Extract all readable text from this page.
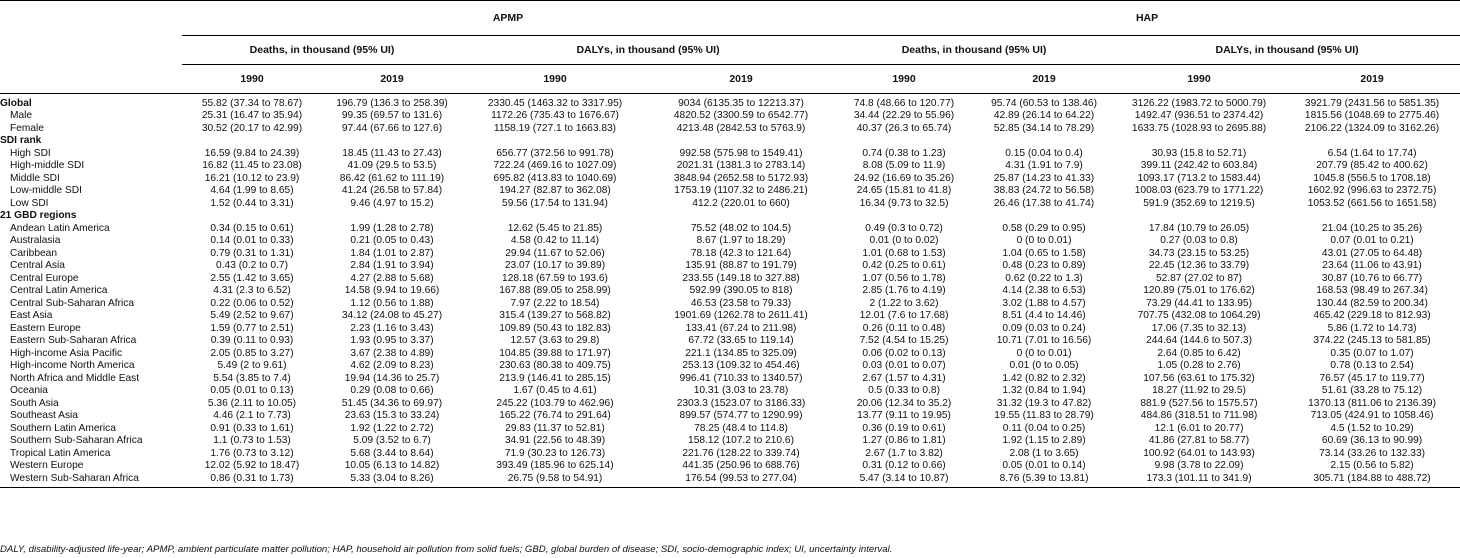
	APMP				HAP			
	Deaths, in thousand (95% UI)		DALYs, in thousand (95% UI)		Deaths, in thousand (95% UI)		DALYs, in thousand (95% UI)	
	1990	2019	1990	2019	1990	2019	1990	2019
Global	55.82 (37.34 to 78.67)	196.79 (136.3 to 258.39)	2330.45 (1463.32 to 3317.95)	9034 (6135.35 to 12213.37)	74.8 (48.66 to 120.77)	95.74 (60.53 to 138.46)	3126.22 (1983.72 to 5000.79)	3921.79 (2431.56 to 5851.35)
Male	25.31 (16.47 to 35.94)	99.35 (69.57 to 131.6)	1172.26 (735.43 to 1676.67)	4820.52 (3300.59 to 6542.77)	34.44 (22.29 to 55.96)	42.89 (26.14 to 64.22)	1492.47 (936.51 to 2374.42)	1815.56 (1048.69 to 2775.46)
Female	30.52 (20.17 to 42.99)	97.44 (67.66 to 127.6)	1158.19 (727.1 to 1663.83)	4213.48 (2842.53 to 5763.9)	40.37 (26.3 to 65.74)	52.85 (34.14 to 78.29)	1633.75 (1028.93 to 2695.88)	2106.22 (1324.09 to 3162.26)
SDI rank								
High SDI	16.59 (9.84 to 24.39)	18.45 (11.43 to 27.43)	656.77 (372.56 to 991.78)	992.58 (575.98 to 1549.41)	0.74 (0.38 to 1.23)	0.15 (0.04 to 0.4)	30.93 (15.8 to 52.71)	6.54 (1.64 to 17.74)
High-middle SDI	16.82 (11.45 to 23.08)	41.09 (29.5 to 53.5)	722.24 (469.16 to 1027.09)	2021.31 (1381.3 to 2783.14)	8.08 (5.09 to 11.9)	4.31 (1.91 to 7.9)	399.11 (242.42 to 603.84)	207.79 (85.42 to 400.62)
Middle SDI	16.21 (10.12 to 23.9)	86.42 (61.62 to 111.19)	695.82 (413.83 to 1040.69)	3848.94 (2652.58 to 5172.93)	24.92 (16.69 to 35.26)	25.87 (14.23 to 41.33)	1093.17 (713.2 to 1583.44)	1045.8 (556.5 to 1708.18)
Low-middle SDI	4.64 (1.99 to 8.65)	41.24 (26.58 to 57.84)	194.27 (82.87 to 362.08)	1753.19 (1107.32 to 2486.21)	24.65 (15.81 to 41.8)	38.83 (24.72 to 56.58)	1008.03 (623.79 to 1771.22)	1602.92 (996.63 to 2372.75)
Low SDI	1.52 (0.44 to 3.31)	9.46 (4.97 to 15.2)	59.56 (17.54 to 131.94)	412.2 (220.01 to 660)	16.34 (9.73 to 32.5)	26.46 (17.38 to 41.74)	591.9 (352.69 to 1219.5)	1053.52 (661.56 to 1651.58)
21 GBD regions								
Andean Latin America	0.34 (0.15 to 0.61)	1.99 (1.28 to 2.78)	12.62 (5.45 to 21.85)	75.52 (48.02 to 104.5)	0.49 (0.3 to 0.72)	0.58 (0.29 to 0.95)	17.84 (10.79 to 26.05)	21.04 (10.25 to 35.26)
Australasia	0.14 (0.01 to 0.33)	0.21 (0.05 to 0.43)	4.58 (0.42 to 11.14)	8.67 (1.97 to 18.29)	0.01 (0 to 0.02)	0 (0 to 0.01)	0.27 (0.03 to 0.8)	0.07 (0.01 to 0.21)
Caribbean	0.79 (0.31 to 1.31)	1.84 (1.01 to 2.87)	29.94 (11.67 to 52.06)	78.18 (42.3 to 121.64)	1.01 (0.68 to 1.53)	1.04 (0.65 to 1.58)	34.73 (23.15 to 53.25)	43.01 (27.05 to 64.48)
Central Asia	0.43 (0.2 to 0.7)	2.84 (1.91 to 3.94)	23.07 (10.17 to 39.89)	135.91 (88.87 to 191.79)	0.42 (0.25 to 0.61)	0.48 (0.23 to 0.89)	22.45 (12.36 to 33.79)	23.64 (11.06 to 43.91)
Central Europe	2.55 (1.42 to 3.65)	4.27 (2.88 to 5.68)	128.18 (67.59 to 193.6)	233.55 (149.18 to 327.88)	1.07 (0.56 to 1.78)	0.62 (0.22 to 1.3)	52.87 (27.02 to 87)	30.87 (10.76 to 66.77)
Central Latin America	4.31 (2.3 to 6.52)	14.58 (9.94 to 19.66)	167.88 (89.05 to 258.99)	592.99 (390.05 to 818)	2.85 (1.76 to 4.19)	4.14 (2.38 to 6.53)	120.89 (75.01 to 176.62)	168.53 (98.49 to 267.34)
Central Sub-Saharan Africa	0.22 (0.06 to 0.52)	1.12 (0.56 to 1.88)	7.97 (2.22 to 18.54)	46.53 (23.58 to 79.33)	2 (1.22 to 3.62)	3.02 (1.88 to 4.57)	73.29 (44.41 to 133.95)	130.44 (82.59 to 200.34)
East Asia	5.49 (2.52 to 9.67)	34.12 (24.08 to 45.27)	315.4 (139.27 to 568.82)	1901.69 (1262.78 to 2611.41)	12.01 (7.6 to 17.68)	8.51 (4.4 to 14.46)	707.75 (432.08 to 1064.29)	465.42 (229.18 to 812.93)
Eastern Europe	1.59 (0.77 to 2.51)	2.23 (1.16 to 3.43)	109.89 (50.43 to 182.83)	133.41 (67.24 to 211.98)	0.26 (0.11 to 0.48)	0.09 (0.03 to 0.24)	17.06 (7.35 to 32.13)	5.86 (1.72 to 14.73)
Eastern Sub-Saharan Africa	0.39 (0.11 to 0.93)	1.93 (0.95 to 3.37)	12.57 (3.63 to 29.8)	67.72 (33.65 to 119.14)	7.52 (4.54 to 15.25)	10.71 (7.01 to 16.56)	244.64 (144.6 to 507.3)	374.22 (245.13 to 581.85)
High-income Asia Pacific	2.05 (0.85 to 3.27)	3.67 (2.38 to 4.89)	104.85 (39.88 to 171.97)	221.1 (134.85 to 325.09)	0.06 (0.02 to 0.13)	0 (0 to 0.01)	2.64 (0.85 to 6.42)	0.35 (0.07 to 1.07)
High-income North America	5.49 (2 to 9.61)	4.62 (2.09 to 8.23)	230.63 (80.38 to 409.75)	253.13 (109.32 to 454.46)	0.03 (0.01 to 0.07)	0.01 (0 to 0.05)	1.05 (0.28 to 2.76)	0.78 (0.13 to 2.54)
North Africa and Middle East	5.54 (3.85 to 7.4)	19.94 (14.36 to 25.7)	213.9 (146.41 to 285.15)	996.41 (710.33 to 1340.57)	2.67 (1.57 to 4.31)	1.42 (0.82 to 2.32)	107.56 (63.61 to 175.32)	76.57 (45.17 to 119.77)
Oceania	0.05 (0.01 to 0.13)	0.29 (0.08 to 0.66)	1.67 (0.45 to 4.61)	10.31 (3.03 to 23.78)	0.5 (0.33 to 0.8)	1.32 (0.84 to 1.94)	18.27 (11.92 to 29.5)	51.61 (33.28 to 75.12)
South Asia	5.36 (2.11 to 10.05)	51.45 (34.36 to 69.97)	245.22 (103.79 to 462.96)	2303.3 (1523.07 to 3186.33)	20.06 (12.34 to 35.2)	31.32 (19.3 to 47.82)	881.9 (527.56 to 1575.57)	1370.13 (811.06 to 2136.39)
Southeast Asia	4.46 (2.1 to 7.73)	23.63 (15.3 to 33.24)	165.22 (76.74 to 291.64)	899.57 (574.77 to 1290.99)	13.77 (9.11 to 19.95)	19.55 (11.83 to 28.79)	484.86 (318.51 to 711.98)	713.05 (424.91 to 1058.46)
Southern Latin America	0.91 (0.33 to 1.61)	1.92 (1.22 to 2.72)	29.83 (11.37 to 52.81)	78.25 (48.4 to 114.8)	0.36 (0.19 to 0.61)	0.11 (0.04 to 0.25)	12.1 (6.01 to 20.77)	4.5 (1.52 to 10.29)
Southern Sub-Saharan Africa	1.1 (0.73 to 1.53)	5.09 (3.52 to 6.7)	34.91 (22.56 to 48.39)	158.12 (107.2 to 210.6)	1.27 (0.86 to 1.81)	1.92 (1.15 to 2.89)	41.86 (27.81 to 58.77)	60.69 (36.13 to 90.99)
Tropical Latin America	1.76 (0.73 to 3.12)	5.68 (3.44 to 8.64)	71.9 (30.23 to 126.73)	221.76 (128.22 to 339.74)	2.67 (1.7 to 3.82)	2.08 (1 to 3.65)	100.92 (64.01 to 143.93)	73.14 (33.26 to 132.33)
Western Europe	12.02 (5.92 to 18.47)	10.05 (6.13 to 14.82)	393.49 (185.96 to 625.14)	441.35 (250.96 to 688.76)	0.31 (0.12 to 0.66)	0.05 (0.01 to 0.14)	9.98 (3.78 to 22.09)	2.15 (0.56 to 5.82)
Western Sub-Saharan Africa	0.86 (0.31 to 1.73)	5.33 (3.04 to 8.26)	26.75 (9.58 to 54.91)	176.54 (99.53 to 277.04)	5.47 (3.14 to 10.87)	8.76 (5.39 to 13.81)	173.3 (101.11 to 341.9)	305.71 (184.88 to 488.72)
DALY, disability-adjusted life-year; APMP, ambient particulate matter pollution; HAP, household air pollution from solid fuels; GBD, global burden of disease; SDI, socio-demographic index; UI, uncertainty interval.
